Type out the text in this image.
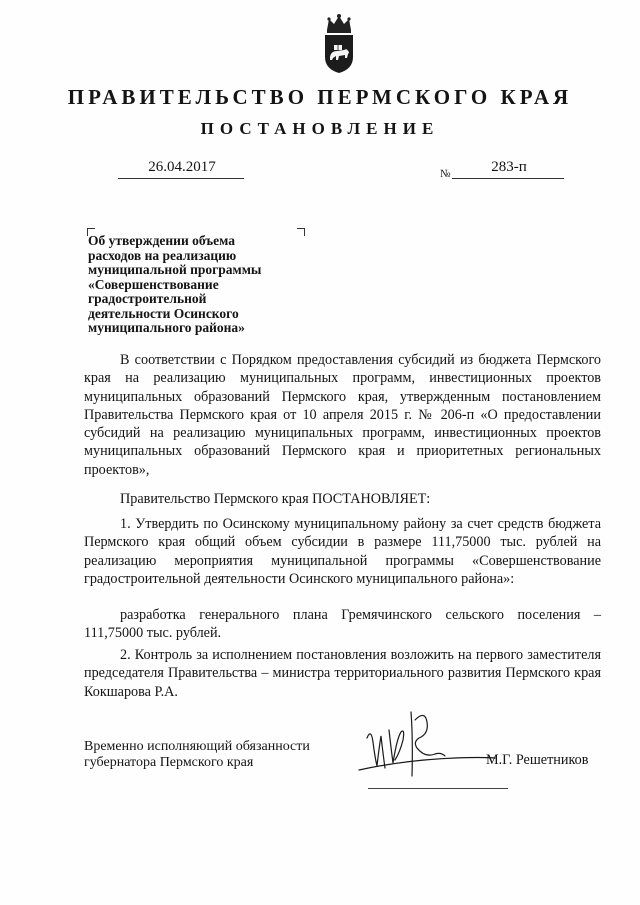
ПРАВИТЕЛЬСТВО ПЕРМСКОГО КРАЯ
ПОСТАНОВЛЕНИЕ
26.04.2017	№	283-п
Об утверждении объема
расходов на реализацию
муниципальной программы
«Совершенствование
градостроительной
деятельности Осинского
муниципального района»
В соответствии с Порядком предоставления субсидий из бюджета Пермского края на реализацию муниципальных программ, инвестиционных проектов муниципальных образований Пермского края, утвержденным постановлением Правительства Пермского края от 10 апреля 2015 г. № 206-п «О предоставлении субсидий на реализацию муниципальных программ, инвестиционных проектов муниципальных образований Пермского края и приоритетных региональных проектов»,
Правительство Пермского края ПОСТАНОВЛЯЕТ:
1. Утвердить по Осинскому муниципальному району за счет средств бюджета Пермского края общий объем субсидии в размере 111,75000 тыс. рублей на реализацию мероприятия муниципальной программы «Совершенствование градостроительной деятельности Осинского муниципального района»:
разработка генерального плана Гремячинского сельского поселения – 111,75000 тыс. рублей.
2. Контроль за исполнением постановления возложить на первого заместителя председателя Правительства – министра территориального развития Пермского края Кокшарова Р.А.
Временно исполняющий обязанности
губернатора Пермского края	М.Г. Решетников
